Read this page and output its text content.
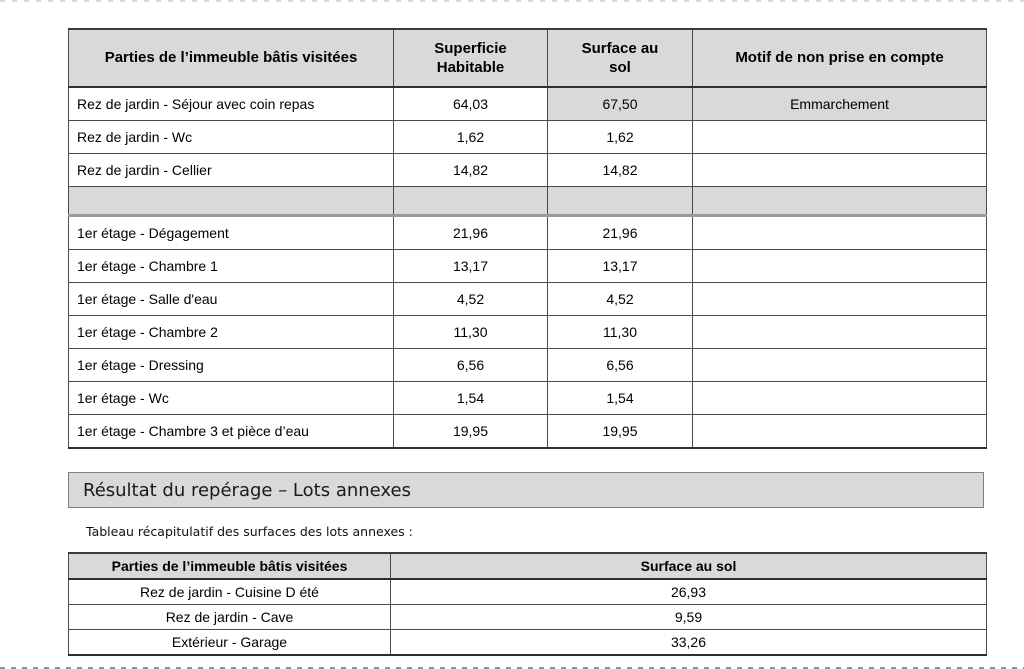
Parties de l’immeuble bâtis visitées	Superficie Habitable	Surface au sol	Motif de non prise en compte
Rez de jardin - Séjour avec coin repas	64,03	67,50	Emmarchement
Rez de jardin - Wc	1,62	1,62	
Rez de jardin - Cellier	14,82	14,82	

1er étage - Dégagement	21,96	21,96	
1er étage - Chambre 1	13,17	13,17	
1er étage - Salle d'eau	4,52	4,52	
1er étage - Chambre 2	11,30	11,30	
1er étage - Dressing	6,56	6,56	
1er étage - Wc	1,54	1,54	
1er étage - Chambre 3 et pièce d’eau	19,95	19,95	
Résultat du repérage – Lots annexes
Tableau récapitulatif des surfaces des lots annexes :
Parties de l’immeuble bâtis visitées	Surface au sol
Rez de jardin - Cuisine D été	26,93
Rez de jardin - Cave	9,59
Extérieur - Garage	33,26
